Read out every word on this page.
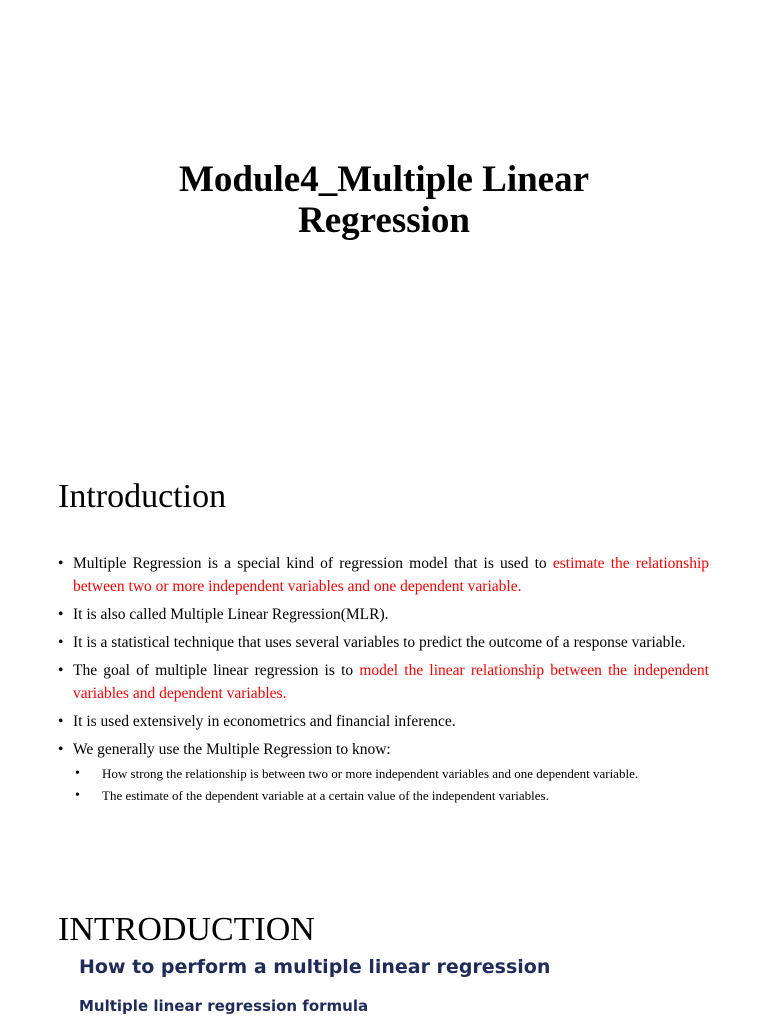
Module4_Multiple Linear
Regression
Introduction
• Multiple Regression is a special kind of regression model that is used to estimate the relationship between two or more independent variables and one dependent variable.
• It is also called Multiple Linear Regression(MLR).
• It is a statistical technique that uses several variables to predict the outcome of a response variable.
• The goal of multiple linear regression is to model the linear relationship between the independent variables and dependent variables.
• It is used extensively in econometrics and financial inference.
• We generally use the Multiple Regression to know:
• How strong the relationship is between two or more independent variables and one dependent variable.
• The estimate of the dependent variable at a certain value of the independent variables.
INTRODUCTION
How to perform a multiple linear regression
Multiple linear regression formula
